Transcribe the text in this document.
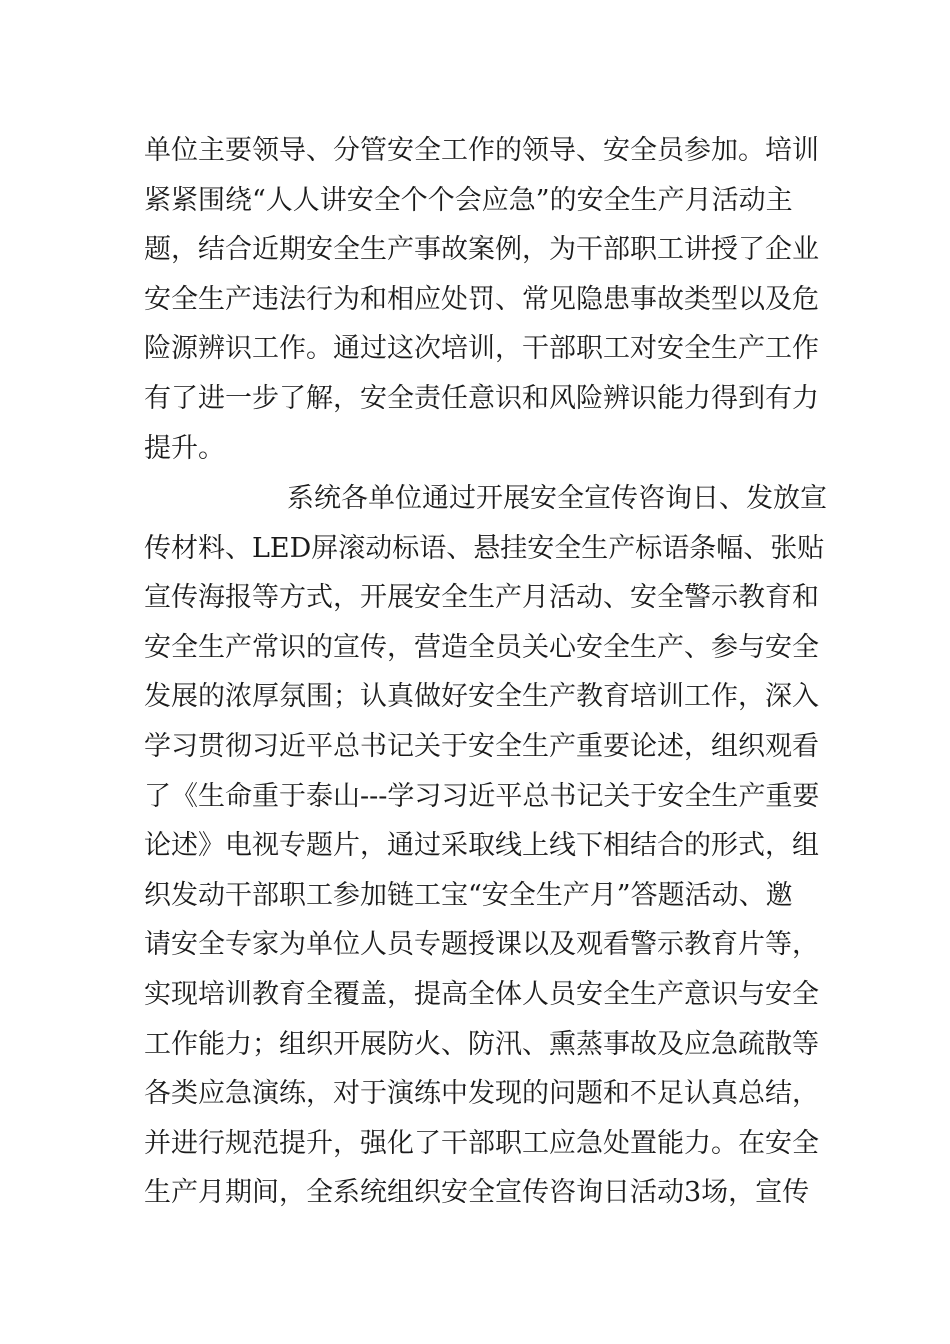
单位主要领导、分管安全工作的领导、安全员参加。培训
紧紧围绕“人人讲安全个个会应急”的安全生产月活动主
题，结合近期安全生产事故案例，为干部职工讲授了企业
安全生产违法行为和相应处罚、常见隐患事故类型以及危
险源辨识工作。通过这次培训，干部职工对安全生产工作
有了进一步了解，安全责任意识和风险辨识能力得到有力
提升。
系统各单位通过开展安全宣传咨询日、发放宣
传材料、LED屏滚动标语、悬挂安全生产标语条幅、张贴
宣传海报等方式，开展安全生产月活动、安全警示教育和
安全生产常识的宣传，营造全员关心安全生产、参与安全
发展的浓厚氛围；认真做好安全生产教育培训工作，深入
学习贯彻习近平总书记关于安全生产重要论述，组织观看
了《生命重于泰山---学习习近平总书记关于安全生产重要
论述》电视专题片，通过采取线上线下相结合的形式，组
织发动干部职工参加链工宝“安全生产月”答题活动、邀
请安全专家为单位人员专题授课以及观看警示教育片等，
实现培训教育全覆盖，提高全体人员安全生产意识与安全
工作能力；组织开展防火、防汛、熏蒸事故及应急疏散等
各类应急演练，对于演练中发现的问题和不足认真总结，
并进行规范提升，强化了干部职工应急处置能力。在安全
生产月期间，全系统组织安全宣传咨询日活动3场，宣传
